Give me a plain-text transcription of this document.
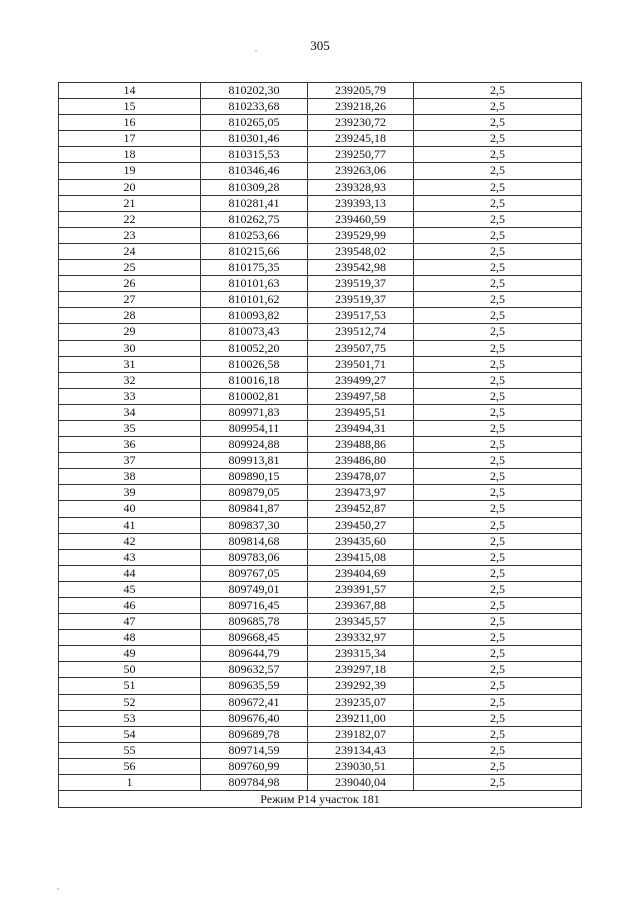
305
14	810202,30	239205,79	2,5
15	810233,68	239218,26	2,5
16	810265,05	239230,72	2,5
17	810301,46	239245,18	2,5
18	810315,53	239250,77	2,5
19	810346,46	239263,06	2,5
20	810309,28	239328,93	2,5
21	810281,41	239393,13	2,5
22	810262,75	239460,59	2,5
23	810253,66	239529,99	2,5
24	810215,66	239548,02	2,5
25	810175,35	239542,98	2,5
26	810101,63	239519,37	2,5
27	810101,62	239519,37	2,5
28	810093,82	239517,53	2,5
29	810073,43	239512,74	2,5
30	810052,20	239507,75	2,5
31	810026,58	239501,71	2,5
32	810016,18	239499,27	2,5
33	810002,81	239497,58	2,5
34	809971,83	239495,51	2,5
35	809954,11	239494,31	2,5
36	809924,88	239488,86	2,5
37	809913,81	239486,80	2,5
38	809890,15	239478,07	2,5
39	809879,05	239473,97	2,5
40	809841,87	239452,87	2,5
41	809837,30	239450,27	2,5
42	809814,68	239435,60	2,5
43	809783,06	239415,08	2,5
44	809767,05	239404,69	2,5
45	809749,01	239391,57	2,5
46	809716,45	239367,88	2,5
47	809685,78	239345,57	2,5
48	809668,45	239332,97	2,5
49	809644,79	239315,34	2,5
50	809632,57	239297,18	2,5
51	809635,59	239292,39	2,5
52	809672,41	239235,07	2,5
53	809676,40	239211,00	2,5
54	809689,78	239182,07	2,5
55	809714,59	239134,43	2,5
56	809760,99	239030,51	2,5
1	809784,98	239040,04	2,5
Режим Р14 участок 181			
